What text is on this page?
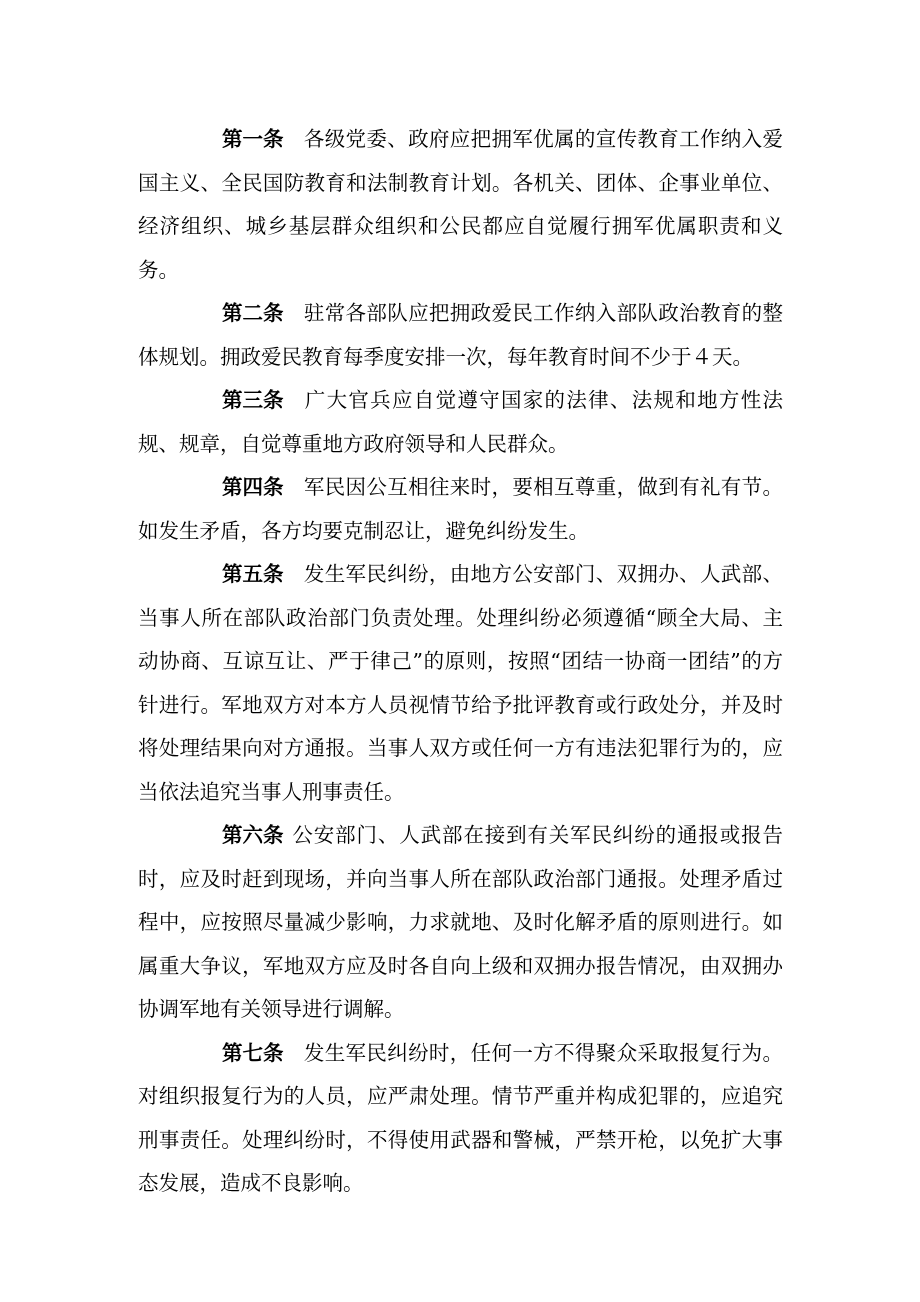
第一条 各级党委、政府应把拥军优属的宣传教育工作纳入爱国主义、全民国防教育和法制教育计划。各机关、团体、企事业单位、经济组织、城乡基层群众组织和公民都应自觉履行拥军优属职责和义务。

第二条 驻常各部队应把拥政爱民工作纳入部队政治教育的整体规划。拥政爱民教育每季度安排一次，每年教育时间不少于４天。

第三条 广大官兵应自觉遵守国家的法律、法规和地方性法规、规章，自觉尊重地方政府领导和人民群众。

第四条 军民因公互相往来时，要相互尊重，做到有礼有节。如发生矛盾，各方均要克制忍让，避免纠纷发生。

第五条 发生军民纠纷，由地方公安部门、双拥办、人武部、当事人所在部队政治部门负责处理。处理纠纷必须遵循“顾全大局、主动协商、互谅互让、严于律己”的原则，按照“团结一协商一团结”的方针进行。军地双方对本方人员视情节给予批评教育或行政处分，并及时将处理结果向对方通报。当事人双方或任何一方有违法犯罪行为的，应当依法追究当事人刑事责任。

第六条 公安部门、人武部在接到有关军民纠纷的通报或报告时，应及时赶到现场，并向当事人所在部队政治部门通报。处理矛盾过程中，应按照尽量减少影响，力求就地、及时化解矛盾的原则进行。如属重大争议，军地双方应及时各自向上级和双拥办报告情况，由双拥办协调军地有关领导进行调解。

第七条 发生军民纠纷时，任何一方不得聚众采取报复行为。对组织报复行为的人员，应严肃处理。情节严重并构成犯罪的，应追究刑事责任。处理纠纷时，不得使用武器和警械，严禁开枪，以免扩大事态发展，造成不良影响。
